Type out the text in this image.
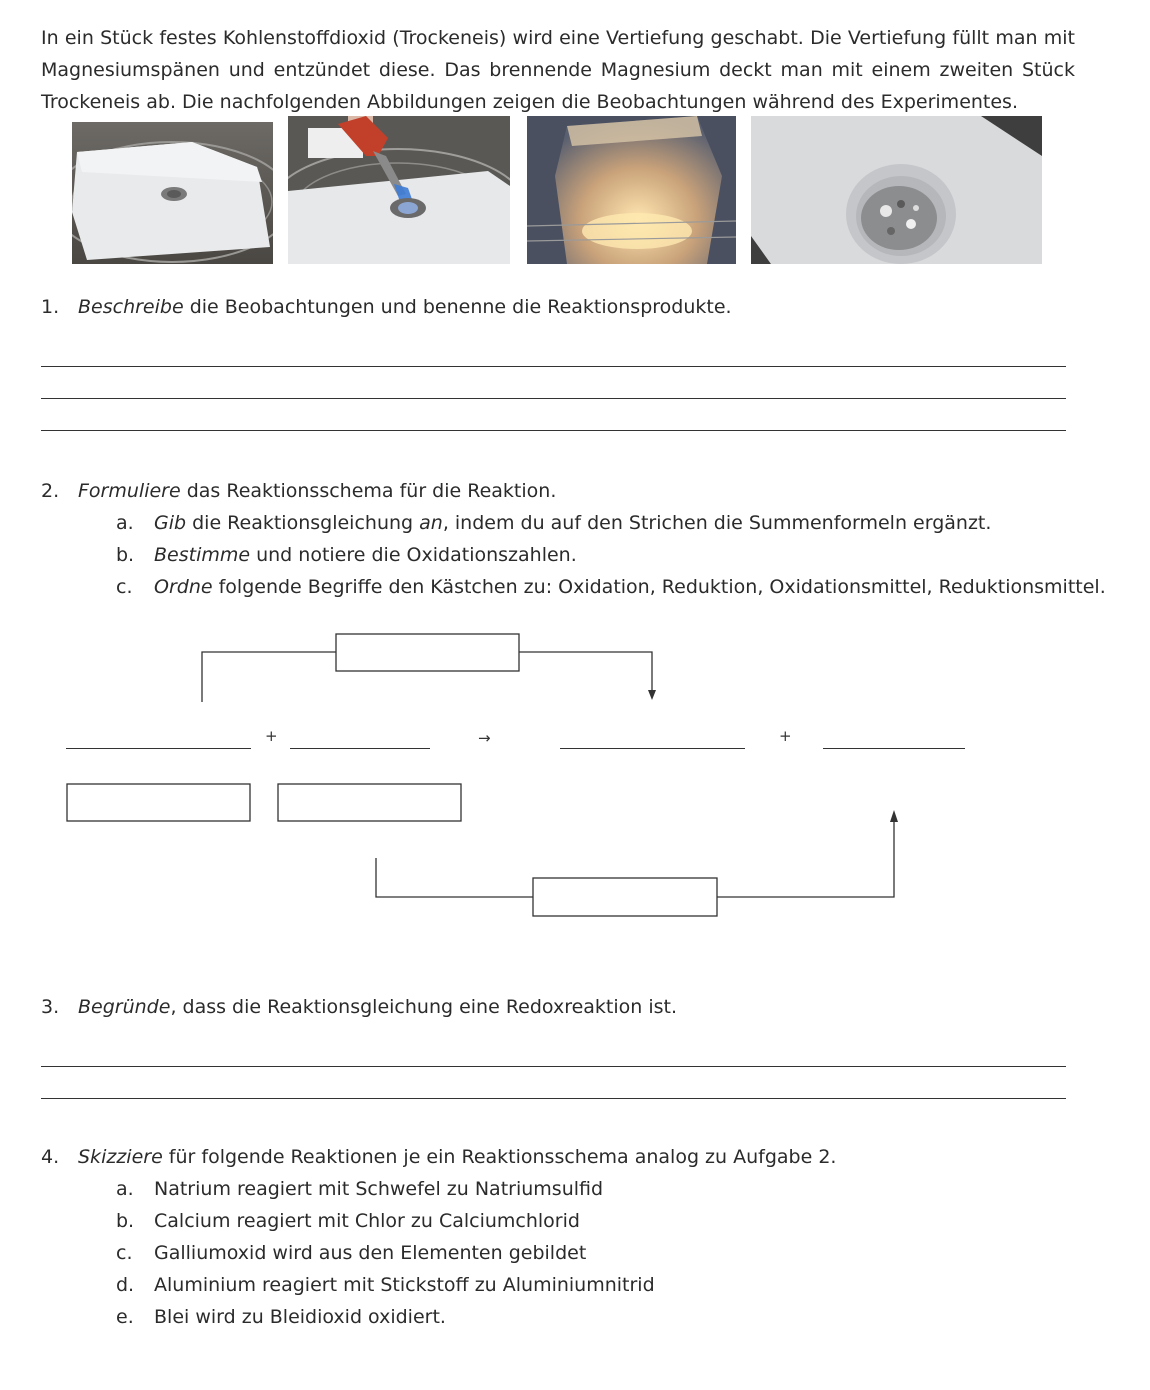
In ein Stück festes Kohlenstoffdioxid (Trockeneis) wird eine Vertiefung geschabt. Die Vertiefung füllt man mit Magnesiumspänen und entzündet diese. Das brennende Magnesium deckt man mit einem zweiten Stück Trockeneis ab. Die nachfolgenden Abbildungen zeigen die Beobachtungen während des Experimentes.

1. Beschreibe die Beobachtungen und benenne die Reaktionsprodukte.

2. Formuliere das Reaktionsschema für die Reaktion.

a. Gib die Reaktionsgleichung an, indem du auf den Strichen die Summenformeln ergänzt.

b. Bestimme und notiere die Oxidationszahlen.

c. Ordne folgende Begriffe den Kästchen zu: Oxidation, Reduktion, Oxidationsmittel, Reduktionsmittel.

+	→	+

3. Begründe, dass die Reaktionsgleichung eine Redoxreaktion ist.

4. Skizziere für folgende Reaktionen je ein Reaktionsschema analog zu Aufgabe 2.

a. Natrium reagiert mit Schwefel zu Natriumsulfid

b. Calcium reagiert mit Chlor zu Calciumchlorid

c. Galliumoxid wird aus den Elementen gebildet

d. Aluminium reagiert mit Stickstoff zu Aluminiumnitrid

e. Blei wird zu Bleidioxid oxidiert.
